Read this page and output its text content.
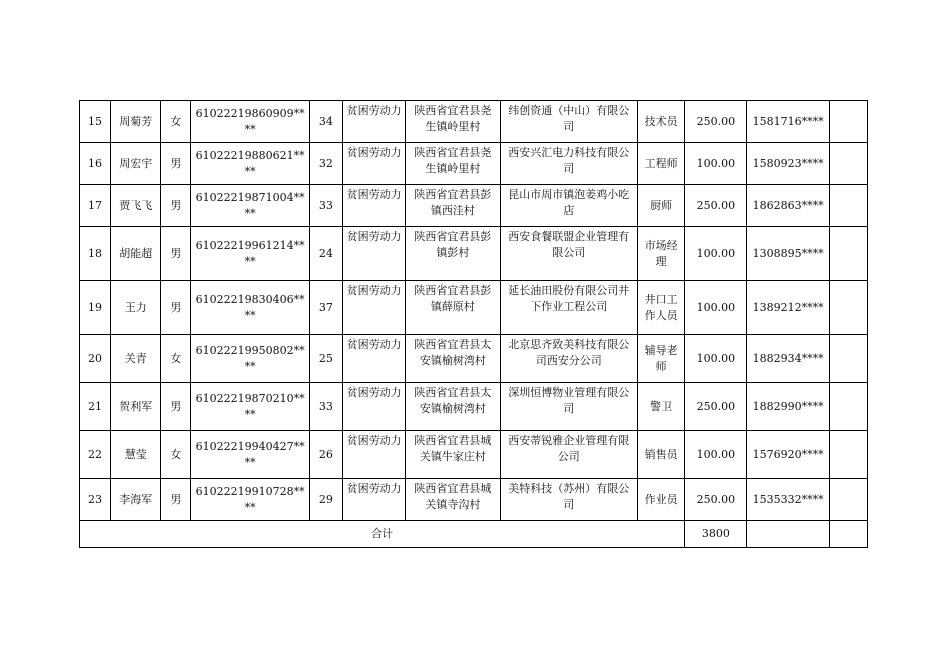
15	周菊芳	女	61022219860909****	34	贫困劳动力	陕西省宜君县尧生镇岭里村	纬创资通（中山）有限公司	技术员	250.00	1581716****	
16	周宏宇	男	61022219880621****	32	贫困劳动力	陕西省宜君县尧生镇岭里村	西安兴汇电力科技有限公司	工程师	100.00	1580923****	
17	贾飞飞	男	61022219871004****	33	贫困劳动力	陕西省宜君县彭镇西洼村	昆山市周市镇泡姜鸡小吃店	厨师	250.00	1862863****	
18	胡能超	男	61022219961214****	24	贫困劳动力	陕西省宜君县彭镇彭村	西安食餐联盟企业管理有限公司	市场经理	100.00	1308895****	
19	王力	男	61022219830406****	37	贫困劳动力	陕西省宜君县彭镇薛原村	延长油田股份有限公司井下作业工程公司	井口工作人员	100.00	1389212****	
20	关青	女	61022219950802****	25	贫困劳动力	陕西省宜君县太安镇榆树湾村	北京思齐致美科技有限公司西安分公司	辅导老师	100.00	1882934****	
21	贺利军	男	61022219870210****	33	贫困劳动力	陕西省宜君县太安镇榆树湾村	深圳恒博物业管理有限公司	警卫	250.00	1882990****	
22	慧莹	女	61022219940427****	26	贫困劳动力	陕西省宜君县城关镇牛家庄村	西安蒂锐雅企业管理有限公司	销售员	100.00	1576920****	
23	李海军	男	61022219910728****	29	贫困劳动力	陕西省宜君县城关镇寺沟村	美特科技（苏州）有限公司	作业员	250.00	1535332****	
合计									3800		
